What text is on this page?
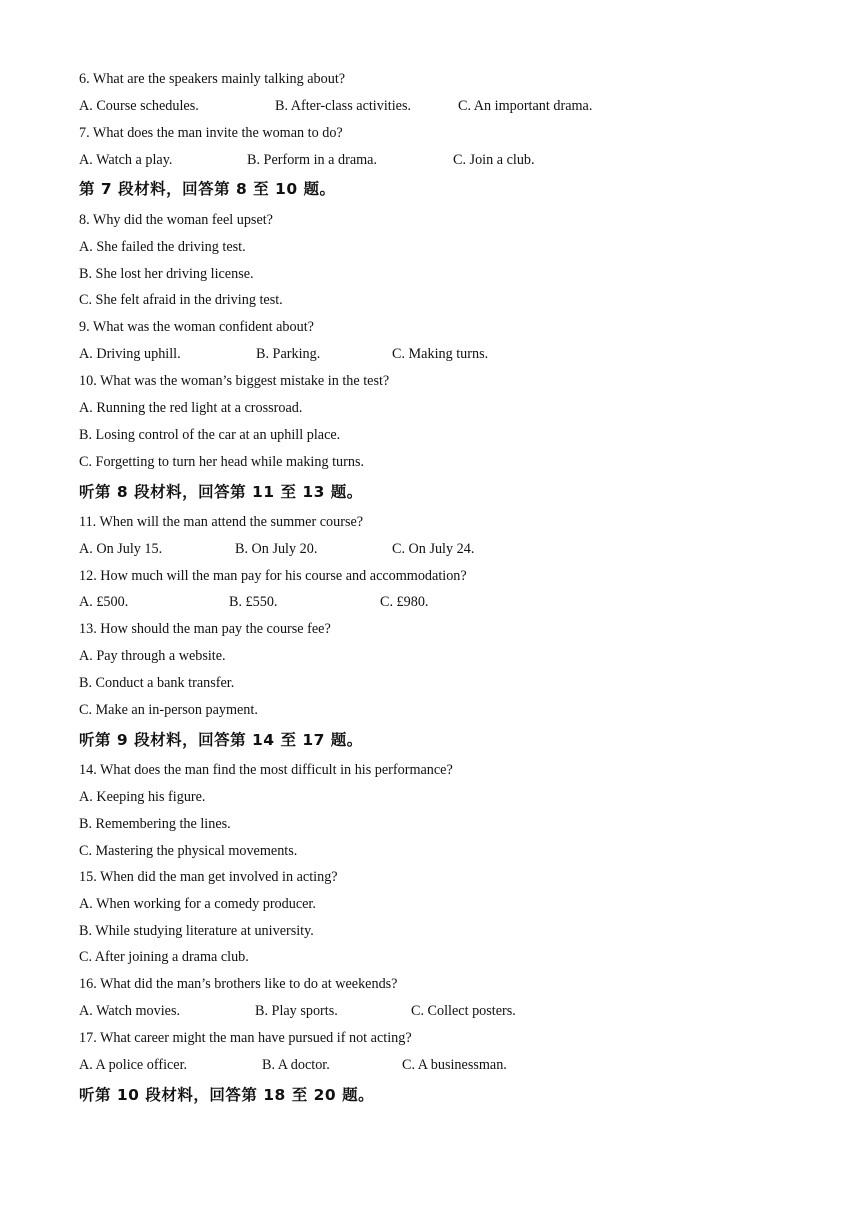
6. What are the speakers mainly talking about?
A. Course schedules.	B. After-class activities.	C. An important drama.
7. What does the man invite the woman to do?
A. Watch a play.	B. Perform in a drama.	C. Join a club.
第 7 段材料，回答第 8 至 10 题。
8. Why did the woman feel upset?
A. She failed the driving test.
B. She lost her driving license.
C. She felt afraid in the driving test.
9. What was the woman confident about?
A. Driving uphill.	B. Parking.	C. Making turns.
10. What was the woman’s biggest mistake in the test?
A. Running the red light at a crossroad.
B. Losing control of the car at an uphill place.
C. Forgetting to turn her head while making turns.
听第 8 段材料，回答第 11 至 13 题。
11. When will the man attend the summer course?
A. On July 15.	B. On July 20.	C. On July 24.
12. How much will the man pay for his course and accommodation?
A. £500.	B. £550.	C. £980.
13. How should the man pay the course fee?
A. Pay through a website.
B. Conduct a bank transfer.
C. Make an in-person payment.
听第 9 段材料，回答第 14 至 17 题。
14. What does the man find the most difficult in his performance?
A. Keeping his figure.
B. Remembering the lines.
C. Mastering the physical movements.
15. When did the man get involved in acting?
A. When working for a comedy producer.
B. While studying literature at university.
C. After joining a drama club.
16. What did the man’s brothers like to do at weekends?
A. Watch movies.	B. Play sports.	C. Collect posters.
17. What career might the man have pursued if not acting?
A. A police officer.	B. A doctor.	C. A businessman.
听第 10 段材料，回答第 18 至 20 题。
